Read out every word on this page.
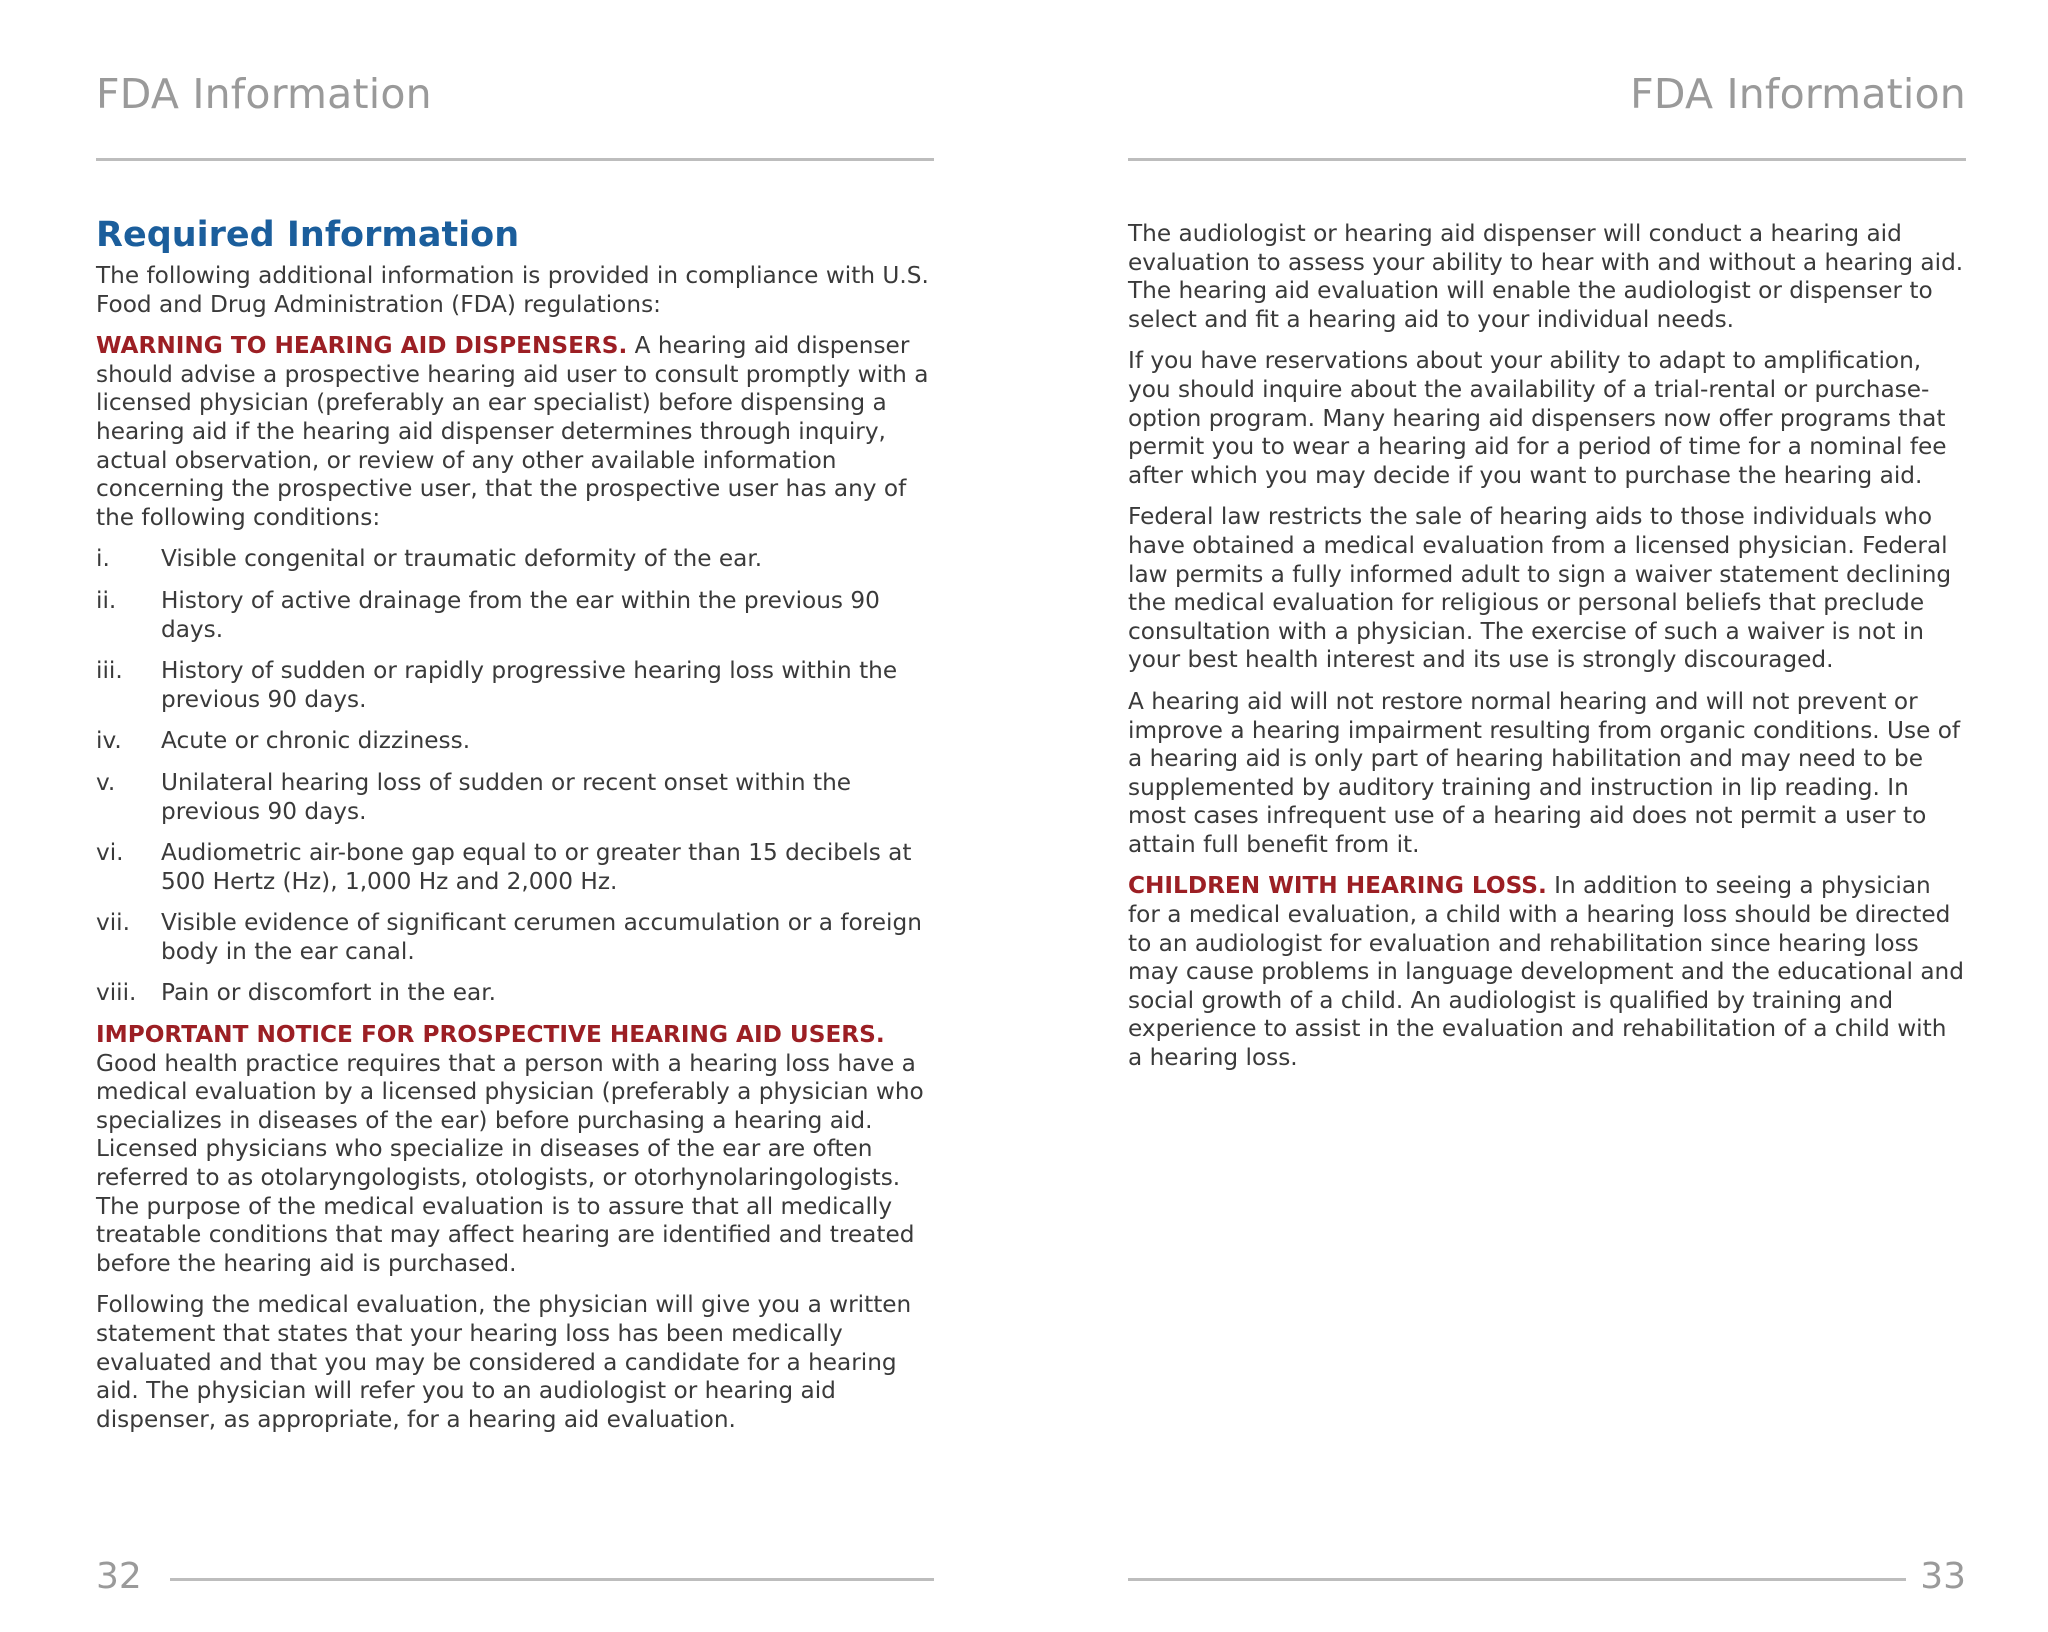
FDA Information
Required Information

The following additional information is provided in compliance with U.S. Food and Drug Administration (FDA) regulations:

WARNING TO HEARING AID DISPENSERS. A hearing aid dispenser should advise a prospective hearing aid user to consult promptly with a licensed physician (preferably an ear specialist) before dispensing a hearing aid if the hearing aid dispenser determines through inquiry, actual observation, or review of any other available information concerning the prospective user, that the prospective user has any of the following conditions:

i.	Visible congenital or traumatic deformity of the ear.
ii.	History of active drainage from the ear within the previous 90 days.
iii.	History of sudden or rapidly progressive hearing loss within the previous 90 days.
iv.	Acute or chronic dizziness.
v.	Unilateral hearing loss of sudden or recent onset within the previous 90 days.
vi.	Audiometric air-bone gap equal to or greater than 15 decibels at 500 Hertz (Hz), 1,000 Hz and 2,000 Hz.
vii.	Visible evidence of significant cerumen accumulation or a foreign body in the ear canal.
viii.	Pain or discomfort in the ear.

IMPORTANT NOTICE FOR PROSPECTIVE HEARING AID USERS.
Good health practice requires that a person with a hearing loss have a medical evaluation by a licensed physician (preferably a physician who specializes in diseases of the ear) before purchasing a hearing aid. Licensed physicians who specialize in diseases of the ear are often referred to as otolaryngologists, otologists, or otorhynolaringologists. The purpose of the medical evaluation is to assure that all medically treatable conditions that may affect hearing are identified and treated before the hearing aid is purchased.

Following the medical evaluation, the physician will give you a written statement that states that your hearing loss has been medically evaluated and that you may be considered a candidate for a hearing aid. The physician will refer you to an audiologist or hearing aid dispenser, as appropriate, for a hearing aid evaluation.

32
FDA Information

The audiologist or hearing aid dispenser will conduct a hearing aid evaluation to assess your ability to hear with and without a hearing aid. The hearing aid evaluation will enable the audiologist or dispenser to select and fit a hearing aid to your individual needs.

If you have reservations about your ability to adapt to amplification, you should inquire about the availability of a trial-rental or purchase-option program. Many hearing aid dispensers now offer programs that permit you to wear a hearing aid for a period of time for a nominal fee after which you may decide if you want to purchase the hearing aid.

Federal law restricts the sale of hearing aids to those individuals who have obtained a medical evaluation from a licensed physician. Federal law permits a fully informed adult to sign a waiver statement declining the medical evaluation for religious or personal beliefs that preclude consultation with a physician. The exercise of such a waiver is not in your best health interest and its use is strongly discouraged.

A hearing aid will not restore normal hearing and will not prevent or improve a hearing impairment resulting from organic conditions. Use of a hearing aid is only part of hearing habilitation and may need to be supplemented by auditory training and instruction in lip reading. In most cases infrequent use of a hearing aid does not permit a user to attain full benefit from it.

CHILDREN WITH HEARING LOSS. In addition to seeing a physician for a medical evaluation, a child with a hearing loss should be directed to an audiologist for evaluation and rehabilitation since hearing loss may cause problems in language development and the educational and social growth of a child. An audiologist is qualified by training and experience to assist in the evaluation and rehabilitation of a child with a hearing loss.

33
